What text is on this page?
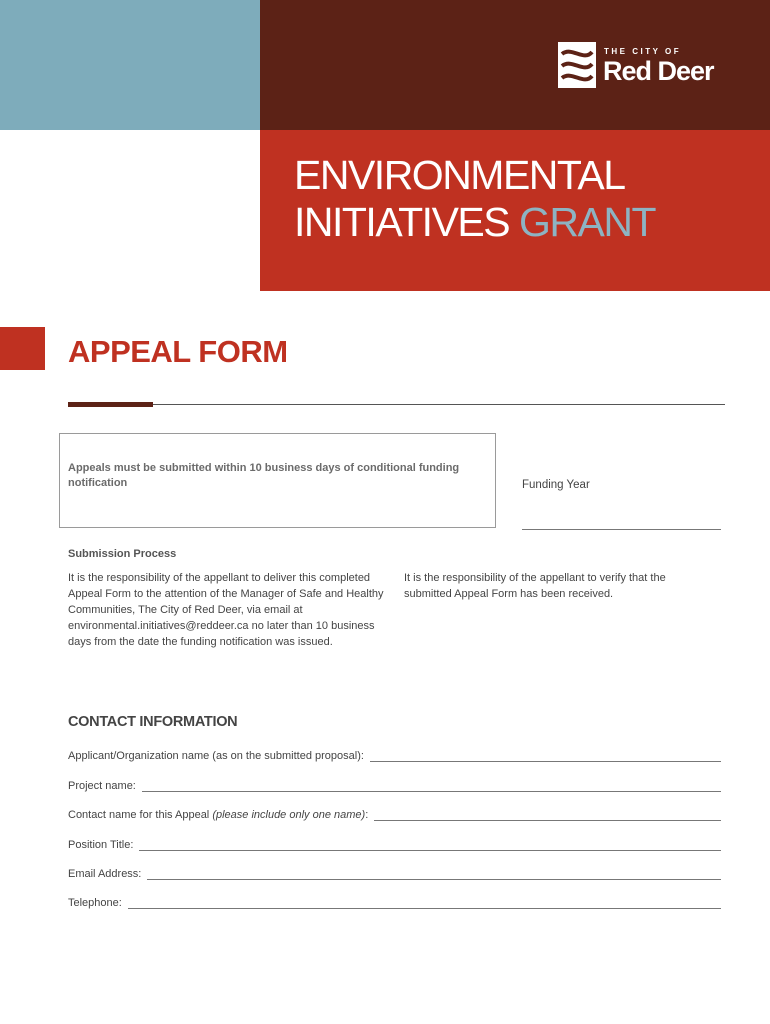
THE CITY OF
Red Deer
ENVIRONMENTAL
INITIATIVES GRANT
APPEAL FORM
Appeals must be submitted within 10 business days of conditional funding notification	Funding Year
Submission Process
It is the responsibility of the appellant to deliver this completed Appeal Form to the attention of the Manager of Safe and Healthy Communities, The City of Red Deer, via email at environmental.initiatives@reddeer.ca no later than 10 business days from the date the funding notification was issued.
It is the responsibility of the appellant to verify that the submitted Appeal Form has been received.
CONTACT INFORMATION
Applicant/Organization name (as on the submitted proposal):
Project name:
Contact name for this Appeal (please include only one name):
Position Title:
Email Address:
Telephone:
